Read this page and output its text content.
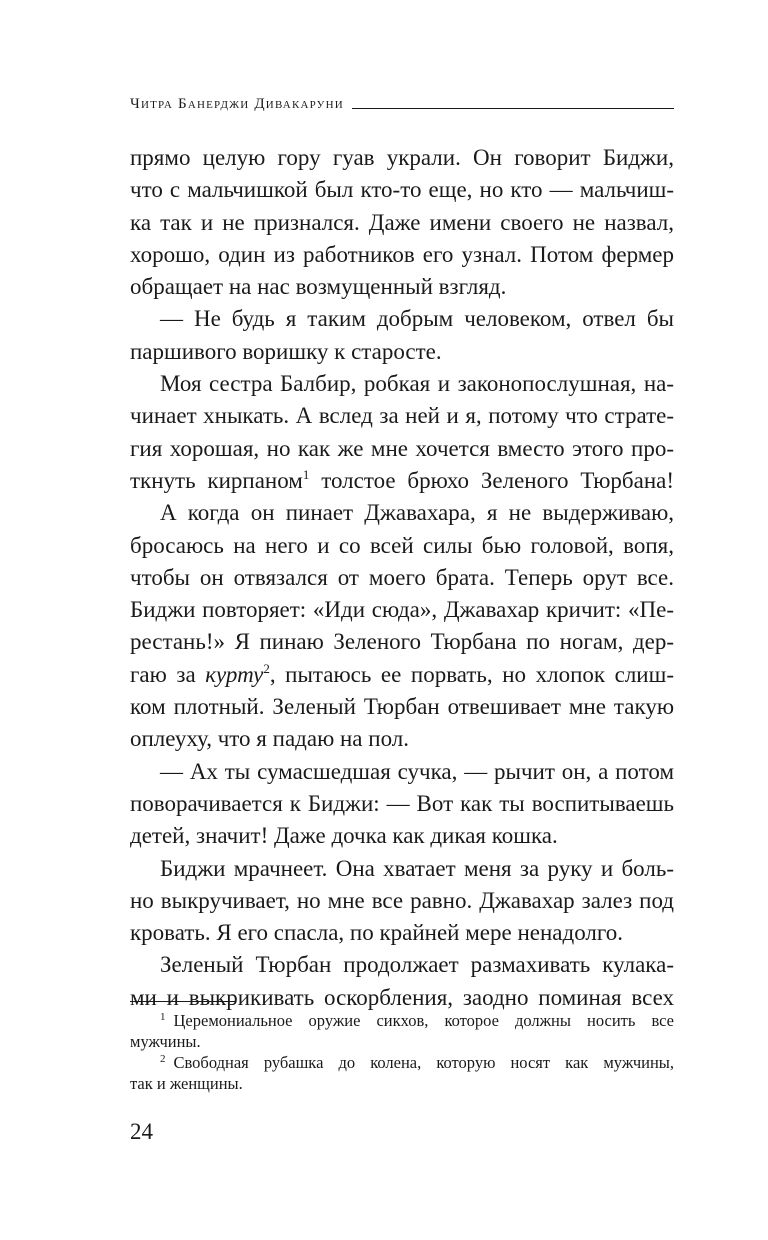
Читра Банерджи Дивакаруни
прямо целую гору гуав украли. Он говорит Биджи,
что с мальчишкой был кто-то еще, но кто — мальчиш-
ка так и не признался. Даже имени своего не назвал,
хорошо, один из работников его узнал. Потом фермер
обращает на нас возмущенный взгляд.
— Не будь я таким добрым человеком, отвел бы
паршивого воришку к старосте.
Моя сестра Балбир, робкая и законопослушная, на-
чинает хныкать. А вслед за ней и я, потому что страте-
гия хорошая, но как же мне хочется вместо этого про-
ткнуть кирпаном$^1$ толстое брюхо Зеленого Тюрбана!
А когда он пинает Джавахара, я не выдерживаю,
бросаюсь на него и со всей силы бью головой, вопя,
чтобы он отвязался от моего брата. Теперь орут все.
Биджи повторяет: «Иди сюда», Джавахар кричит: «Пе-
рестань!» Я пинаю Зеленого Тюрбана по ногам, дер-
гаю за курту$^2$, пытаюсь ее порвать, но хлопок слиш-
ком плотный. Зеленый Тюрбан отвешивает мне такую
оплеуху, что я падаю на пол.
— Ах ты сумасшедшая сучка, — рычит он, а потом
поворачивается к Биджи: — Вот как ты воспитываешь
детей, значит! Даже дочка как дикая кошка.
Биджи мрачнеет. Она хватает меня за руку и боль-
но выкручивает, но мне все равно. Джавахар залез под
кровать. Я его спасла, по крайней мере ненадолго.
Зеленый Тюрбан продолжает размахивать кулака-
ми и выкрикивать оскорбления, заодно поминая всех
$^1$ Церемониальное оружие сикхов, которое должны носить все
мужчины.
$^2$ Свободная рубашка до колена, которую носят как мужчины,
так и женщины.
24
